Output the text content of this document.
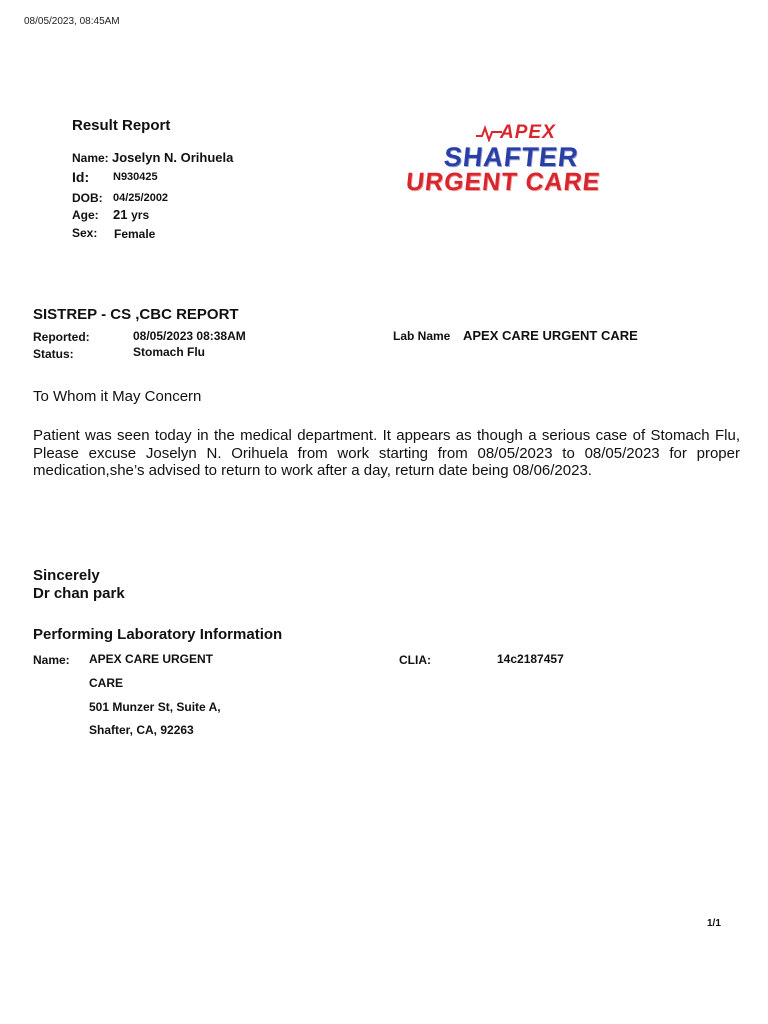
08/05/2023, 08:45AM
Result Report
Name: Joselyn N. Orihuela
Id: N930425
DOB: 04/25/2002
Age: 21 yrs
Sex: Female
APEX
SHAFTER
URGENT CARE
SISTREP - CS ,CBC REPORT
Reported:	08/05/2023 08:38AM
Status:	Stomach Flu
Lab Name APEX CARE URGENT CARE
To Whom it May Concern
Patient was seen today in the medical department. It appears as though a serious case of Stomach Flu, Please excuse Joselyn N. Orihuela from work starting from 08/05/2023 to 08/05/2023 for proper medication,she’s advised to return to work after a day, return date being 08/06/2023.
Sincerely
Dr chan park
Performing Laboratory Information
Name: APEX CARE URGENT
CARE
501 Munzer St, Suite A,
Shafter, CA, 92263
CLIA:	14c2187457
1/1
